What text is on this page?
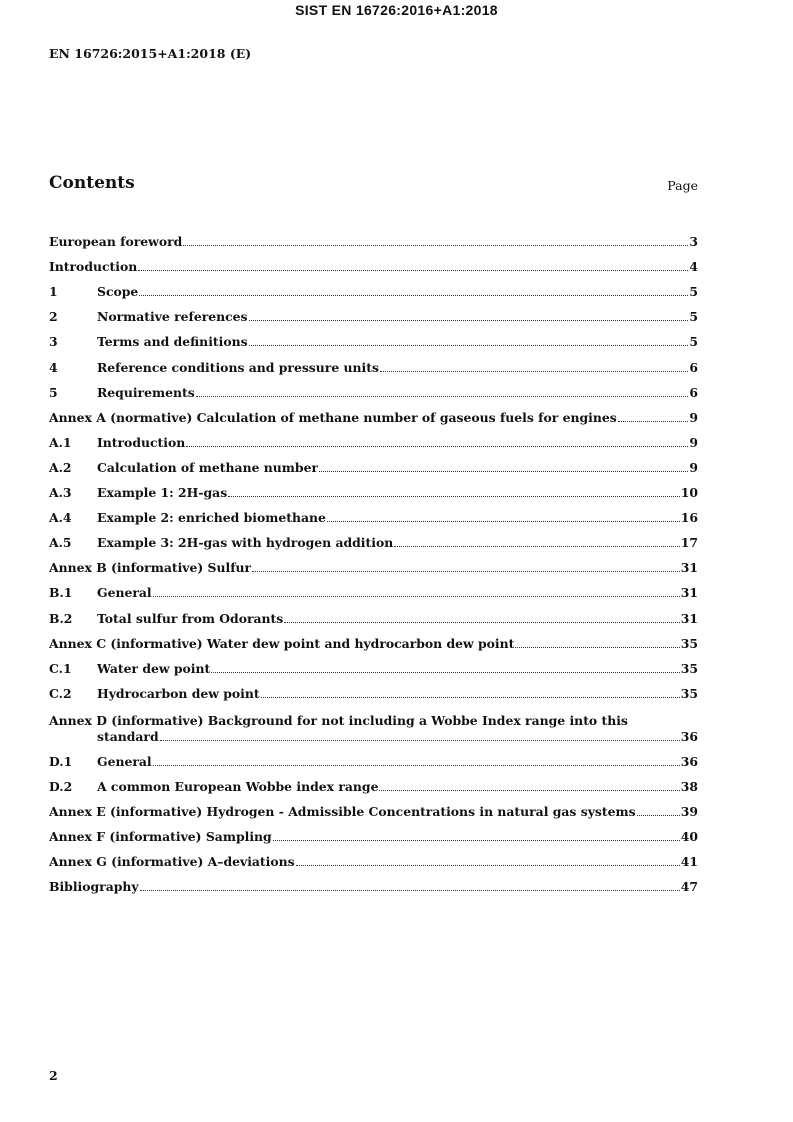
SIST EN 16726:2016+A1:2018
EN 16726:2015+A1:2018 (E)
Contents	Page
European foreword	3
Introduction	4
1	Scope	5
2	Normative references	5
3	Terms and definitions	5
4	Reference conditions and pressure units	6
5	Requirements	6
Annex A (normative) Calculation of methane number of gaseous fuels for engines	9
A.1	Introduction	9
A.2	Calculation of methane number	9
A.3	Example 1: 2H-gas	10
A.4	Example 2: enriched biomethane	16
A.5	Example 3: 2H-gas with hydrogen addition	17
Annex B (informative) Sulfur	31
B.1	General	31
B.2	Total sulfur from Odorants	31
Annex C (informative) Water dew point and hydrocarbon dew point	35
C.1	Water dew point	35
C.2	Hydrocarbon dew point	35
Annex D (informative) Background for not including a Wobbe Index range into this
standard	36
D.1	General	36
D.2	A common European Wobbe index range	38
Annex E (informative) Hydrogen - Admissible Concentrations in natural gas systems	39
Annex F (informative) Sampling	40
Annex G (informative) A–deviations	41
Bibliography	47
2
